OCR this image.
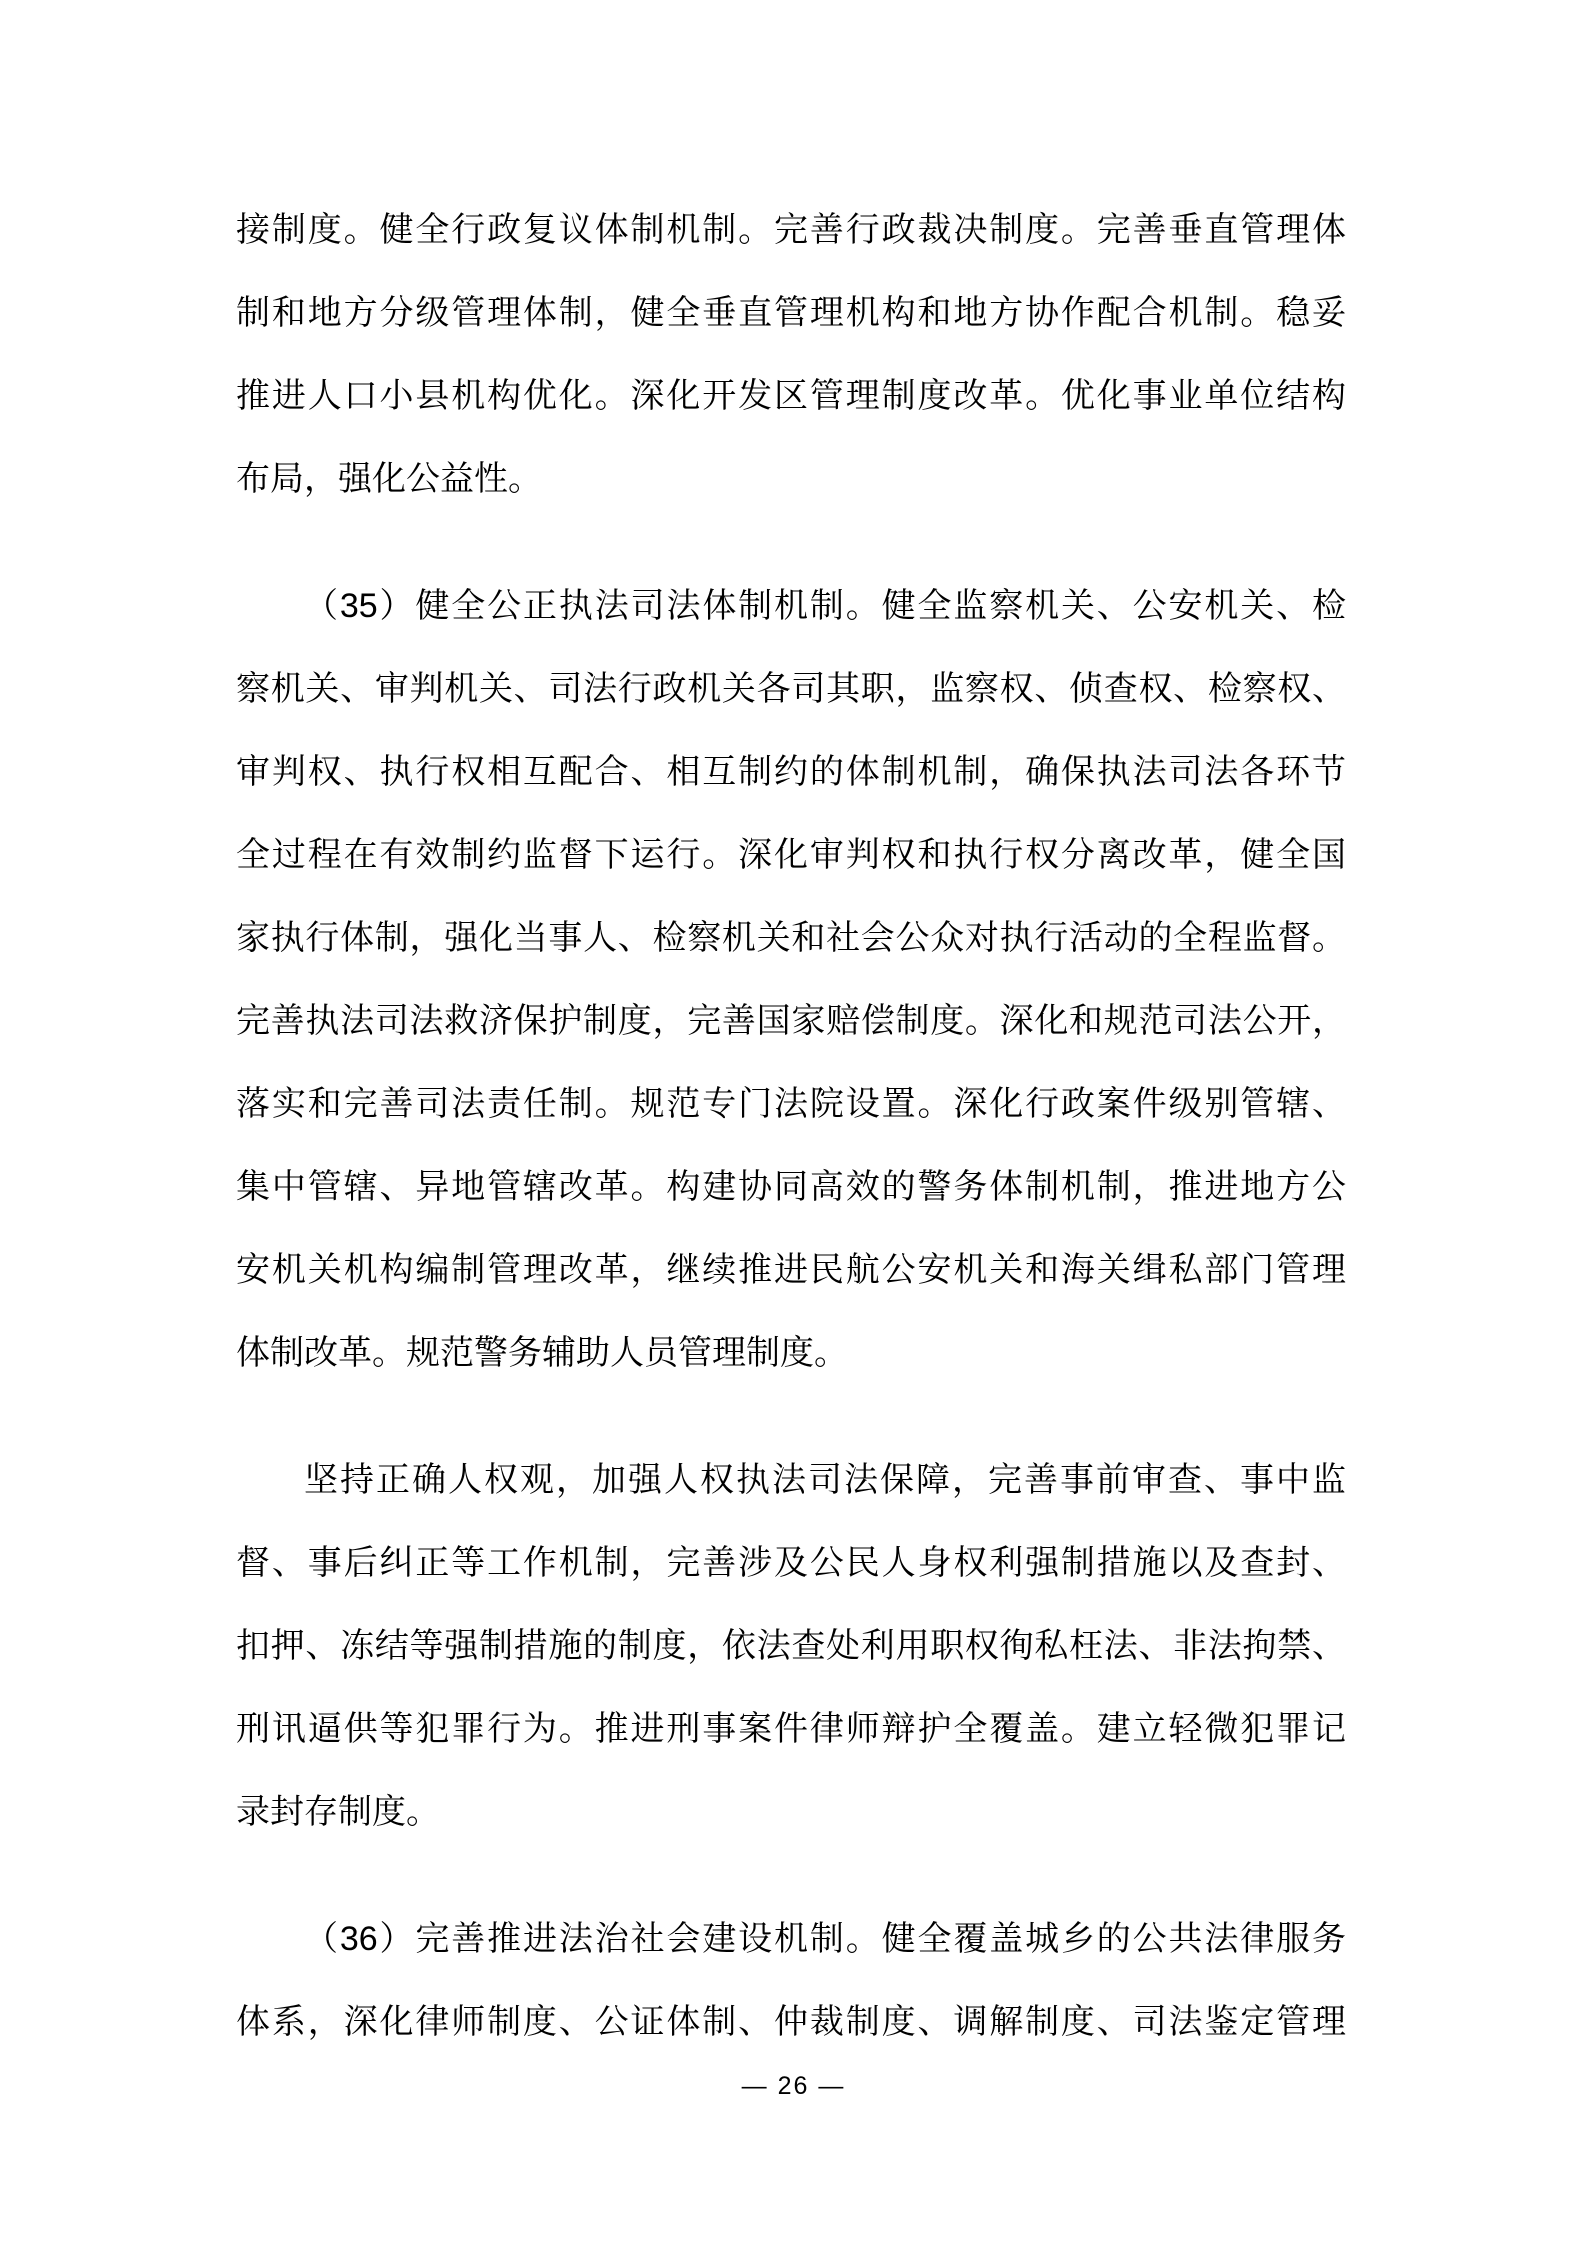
接制度。健全行政复议体制机制。完善行政裁决制度。完善垂直管理体
制和地方分级管理体制，健全垂直管理机构和地方协作配合机制。稳妥
推进人口小县机构优化。深化开发区管理制度改革。优化事业单位结构
布局，强化公益性。
（35）健全公正执法司法体制机制。健全监察机关、公安机关、检
察机关、审判机关、司法行政机关各司其职，监察权、侦查权、检察权、
审判权、执行权相互配合、相互制约的体制机制，确保执法司法各环节
全过程在有效制约监督下运行。深化审判权和执行权分离改革，健全国
家执行体制，强化当事人、检察机关和社会公众对执行活动的全程监督。
完善执法司法救济保护制度，完善国家赔偿制度。深化和规范司法公开，
落实和完善司法责任制。规范专门法院设置。深化行政案件级别管辖、
集中管辖、异地管辖改革。构建协同高效的警务体制机制，推进地方公
安机关机构编制管理改革，继续推进民航公安机关和海关缉私部门管理
体制改革。规范警务辅助人员管理制度。
坚持正确人权观，加强人权执法司法保障，完善事前审查、事中监
督、事后纠正等工作机制，完善涉及公民人身权利强制措施以及查封、
扣押、冻结等强制措施的制度，依法查处利用职权徇私枉法、非法拘禁、
刑讯逼供等犯罪行为。推进刑事案件律师辩护全覆盖。建立轻微犯罪记
录封存制度。
（36）完善推进法治社会建设机制。健全覆盖城乡的公共法律服务
体系，深化律师制度、公证体制、仲裁制度、调解制度、司法鉴定管理
— 26 —
